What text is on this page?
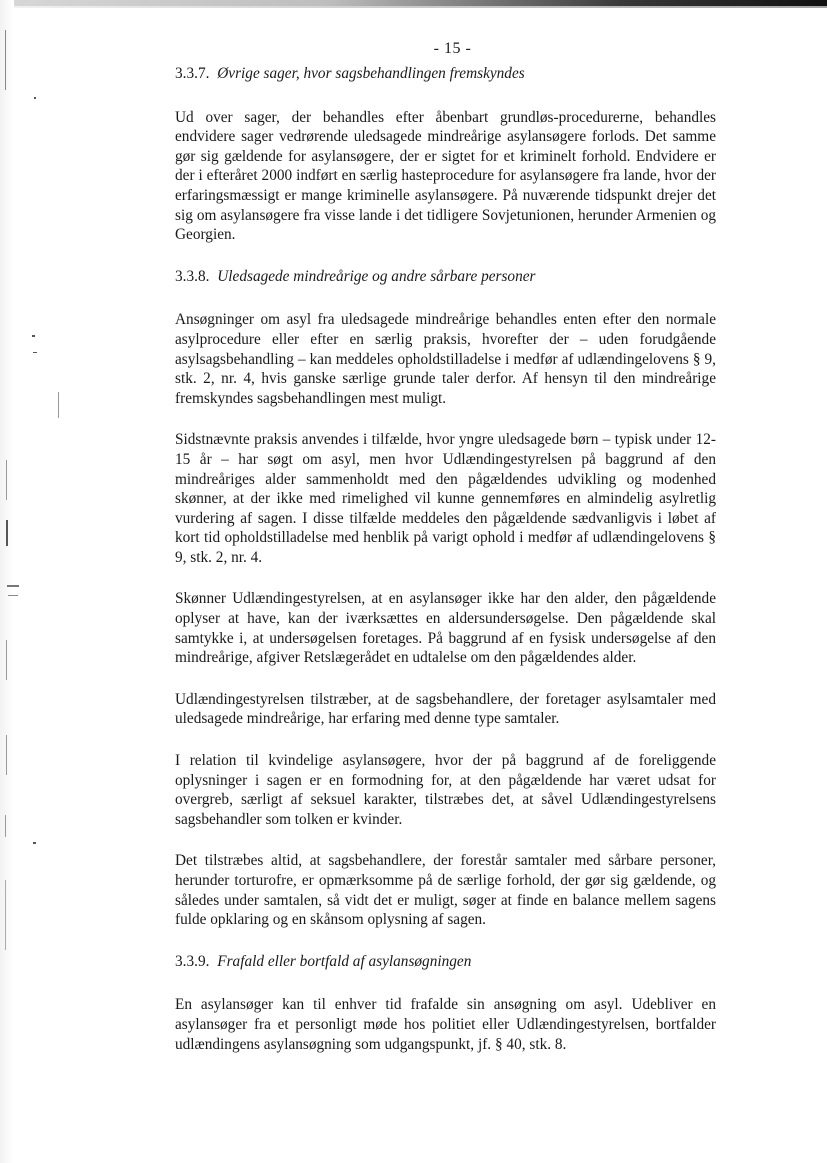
- 15 -
3.3.7. Øvrige sager, hvor sagsbehandlingen fremskyndes

Ud over sager, der behandles efter åbenbart grundløs-procedurerne, behandles endvidere sager vedrørende uledsagede mindreårige asylansøgere forlods. Det samme gør sig gældende for asylansøgere, der er sigtet for et kriminelt forhold. Endvidere er der i efteråret 2000 indført en særlig hasteprocedure for asylansøgere fra lande, hvor der erfaringsmæssigt er mange kriminelle asylansøgere. På nuværende tidspunkt drejer det sig om asylansøgere fra visse lande i det tidligere Sovjetunionen, herunder Armenien og Georgien.

3.3.8. Uledsagede mindreårige og andre sårbare personer

Ansøgninger om asyl fra uledsagede mindreårige behandles enten efter den normale asylprocedure eller efter en særlig praksis, hvorefter der – uden forudgående asylsagsbehandling – kan meddeles opholdstilladelse i medfør af udlændingelovens § 9, stk. 2, nr. 4, hvis ganske særlige grunde taler derfor. Af hensyn til den mindreårige fremskyndes sagsbehandlingen mest muligt.

Sidstnævnte praksis anvendes i tilfælde, hvor yngre uledsagede børn – typisk under 12-15 år – har søgt om asyl, men hvor Udlændingestyrelsen på baggrund af den mindreåriges alder sammenholdt med den pågældendes udvikling og modenhed skønner, at der ikke med rimelighed vil kunne gennemføres en almindelig asylretlig vurdering af sagen. I disse tilfælde meddeles den pågældende sædvanligvis i løbet af kort tid opholdstilladelse med henblik på varigt ophold i medfør af udlændingelovens § 9, stk. 2, nr. 4.

Skønner Udlændingestyrelsen, at en asylansøger ikke har den alder, den pågældende oplyser at have, kan der iværksættes en aldersundersøgelse. Den pågældende skal samtykke i, at undersøgelsen foretages. På baggrund af en fysisk undersøgelse af den mindreårige, afgiver Retslægerådet en udtalelse om den pågældendes alder.

Udlændingestyrelsen tilstræber, at de sagsbehandlere, der foretager asylsamtaler med uledsagede mindreårige, har erfaring med denne type samtaler.

I relation til kvindelige asylansøgere, hvor der på baggrund af de foreliggende oplysninger i sagen er en formodning for, at den pågældende har været udsat for overgreb, særligt af seksuel karakter, tilstræbes det, at såvel Udlændingestyrelsens sagsbehandler som tolken er kvinder.

Det tilstræbes altid, at sagsbehandlere, der forestår samtaler med sårbare personer, herunder torturofre, er opmærksomme på de særlige forhold, der gør sig gældende, og således under samtalen, så vidt det er muligt, søger at finde en balance mellem sagens fulde opklaring og en skånsom oplysning af sagen.

3.3.9. Frafald eller bortfald af asylansøgningen

En asylansøger kan til enhver tid frafalde sin ansøgning om asyl. Udebliver en asylansøger fra et personligt møde hos politiet eller Udlændingestyrelsen, bortfalder udlændingens asylansøgning som udgangspunkt, jf. § 40, stk. 8.
